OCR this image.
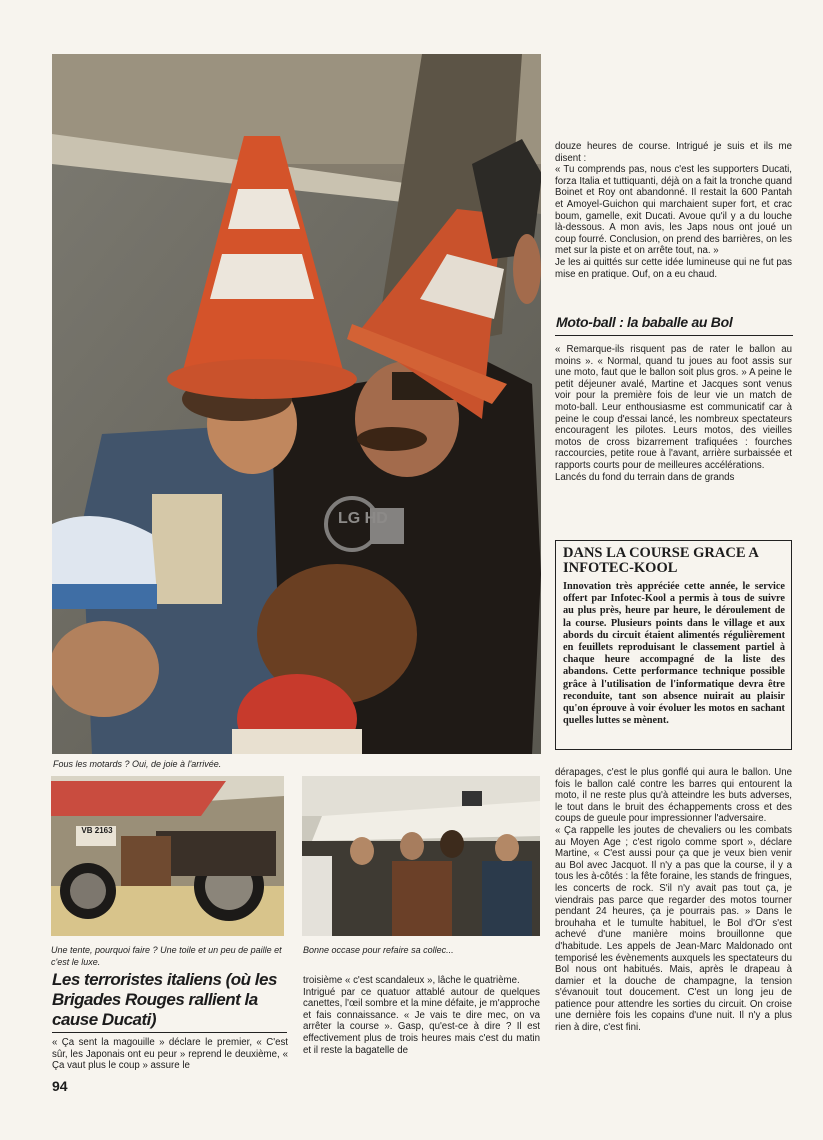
LG HD
Fous les motards ? Oui, de joie à l'arrivée.
VB 2163
Une tente, pourquoi faire ? Une toile et un peu de paille et c'est le luxe.
Bonne occase pour refaire sa collec...

douze heures de course. Intrigué je suis et ils me disent :

« Tu comprends pas, nous c'est les supporters Ducati, forza Italia et tuttiquanti, déjà on a fait la tronche quand Boinet et Roy ont abandonné. Il restait la 600 Pantah et Amoyel-Guichon qui marchaient super fort, et crac boum, gamelle, exit Ducati. Avoue qu'il y a du louche là-dessous. A mon avis, les Japs nous ont joué un coup fourré. Conclusion, on prend des barrières, on les met sur la piste et on arrête tout, na. »

Je les ai quittés sur cette idée lumineuse qui ne fut pas mise en pratique. Ouf, on a eu chaud.

Moto-ball : la baballe au Bol

« Remarque-ils risquent pas de rater le ballon au moins ». « Normal, quand tu joues au foot assis sur une moto, faut que le ballon soit plus gros. » A peine le petit déjeuner avalé, Martine et Jacques sont venus voir pour la première fois de leur vie un match de moto-ball. Leur enthousiasme est communicatif car à peine le coup d'essai lancé, les nombreux spectateurs encouragent les pilotes. Leurs motos, des vieilles motos de cross bizarrement trafiquées : fourches raccourcies, petite roue à l'avant, arrière surbaissée et rapports courts pour de meilleures accélérations.

Lancés du fond du terrain dans de grands

DANS LA COURSE GRACE A INFOTEC-KOOL
Innovation très appréciée cette année, le service offert par Infotec-Kool a permis à tous de suivre au plus près, heure par heure, le déroulement de la course. Plusieurs points dans le village et aux abords du circuit étaient alimentés régulièrement en feuillets reproduisant le classement partiel à chaque heure accompagné de la liste des abandons. Cette performance technique possible grâce à l'utilisation de l'informatique devra être reconduite, tant son absence nuirait au plaisir qu'on éprouve à voir évoluer les motos en sachant quelles luttes se mènent.
Les terroristes italiens (où les Brigades Rouges rallient la cause Ducati)

« Ça sent la magouille » déclare le premier, « C'est sûr, les Japonais ont eu peur » reprend le deuxième, « Ça vaut plus le coup » assure le

troisième « c'est scandaleux », lâche le quatrième.

Intrigué par ce quatuor attablé autour de quelques canettes, l'œil sombre et la mine défaite, je m'approche et fais connaissance. « Je vais te dire mec, on va arrêter la course ». Gasp, qu'est-ce à dire ? Il est effectivement plus de trois heures mais c'est du matin et il reste la bagatelle de

dérapages, c'est le plus gonflé qui aura le ballon. Une fois le ballon calé contre les barres qui entourent la moto, il ne reste plus qu'à atteindre les buts adverses, le tout dans le bruit des échappements cross et des coups de gueule pour impressionner l'adversaire.

« Ça rappelle les joutes de chevaliers ou les combats au Moyen Age ; c'est rigolo comme sport », déclare Martine, « C'est aussi pour ça que je veux bien venir au Bol avec Jacquot. Il n'y a pas que la course, il y a tous les à-côtés : la fête foraine, les stands de fringues, les concerts de rock. S'il n'y avait pas tout ça, je viendrais pas parce que regarder des motos tourner pendant 24 heures, ça je pourrais pas. » Dans le brouhaha et le tumulte habituel, le Bol d'Or s'est achevé d'une manière moins brouillonne que d'habitude. Les appels de Jean-Marc Maldonado ont temporisé les évènements auxquels les spectateurs du Bol nous ont habitués. Mais, après le drapeau à damier et la douche de champagne, la tension s'évanouit tout doucement. C'est un long jeu de patience pour attendre les sorties du circuit. On croise une dernière fois les copains d'une nuit. Il n'y a plus rien à dire, c'est fini.

94
